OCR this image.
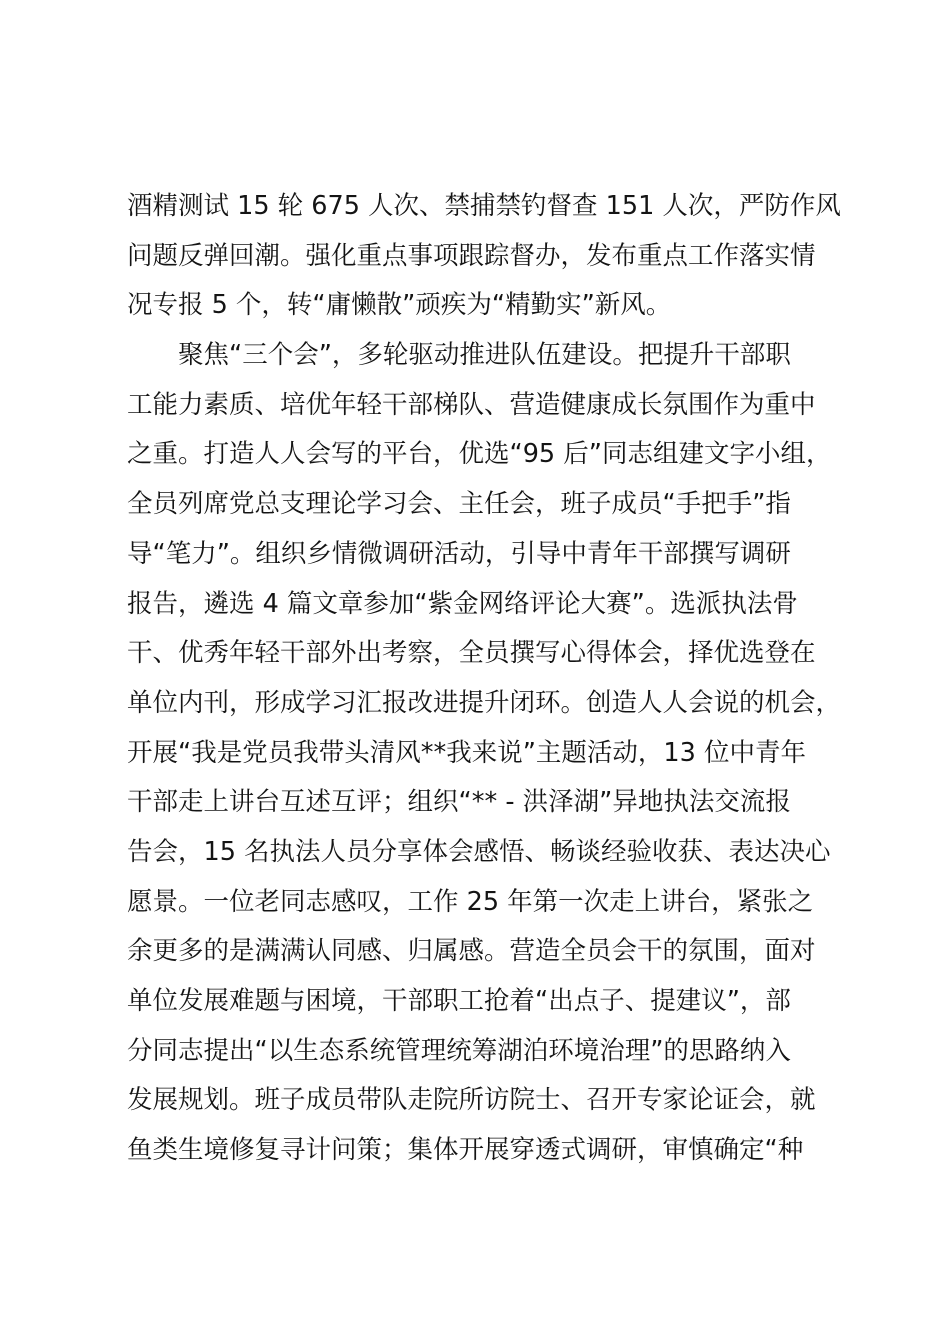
酒精测试 15 轮 675 人次、禁捕禁钓督查 151 人次，严防作风
问题反弹回潮。强化重点事项跟踪督办，发布重点工作落实情
况专报 5 个，转“庸懒散”顽疾为“精勤实”新风。
聚焦“三个会”，多轮驱动推进队伍建设。把提升干部职
工能力素质、培优年轻干部梯队、营造健康成长氛围作为重中
之重。打造人人会写的平台，优选“95 后”同志组建文字小组，
全员列席党总支理论学习会、主任会，班子成员“手把手”指
导“笔力”。组织乡情微调研活动，引导中青年干部撰写调研
报告，遴选 4 篇文章参加“紫金网络评论大赛”。选派执法骨
干、优秀年轻干部外出考察，全员撰写心得体会，择优选登在
单位内刊，形成学习汇报改进提升闭环。创造人人会说的机会，
开展“我是党员我带头清风**我来说”主题活动，13 位中青年
干部走上讲台互述互评；组织“** - 洪泽湖”异地执法交流报
告会，15 名执法人员分享体会感悟、畅谈经验收获、表达决心
愿景。一位老同志感叹，工作 25 年第一次走上讲台，紧张之
余更多的是满满认同感、归属感。营造全员会干的氛围，面对
单位发展难题与困境，干部职工抢着“出点子、提建议”，部
分同志提出“以生态系统管理统筹湖泊环境治理”的思路纳入
发展规划。班子成员带队走院所访院士、召开专家论证会，就
鱼类生境修复寻计问策；集体开展穿透式调研，审慎确定“种
